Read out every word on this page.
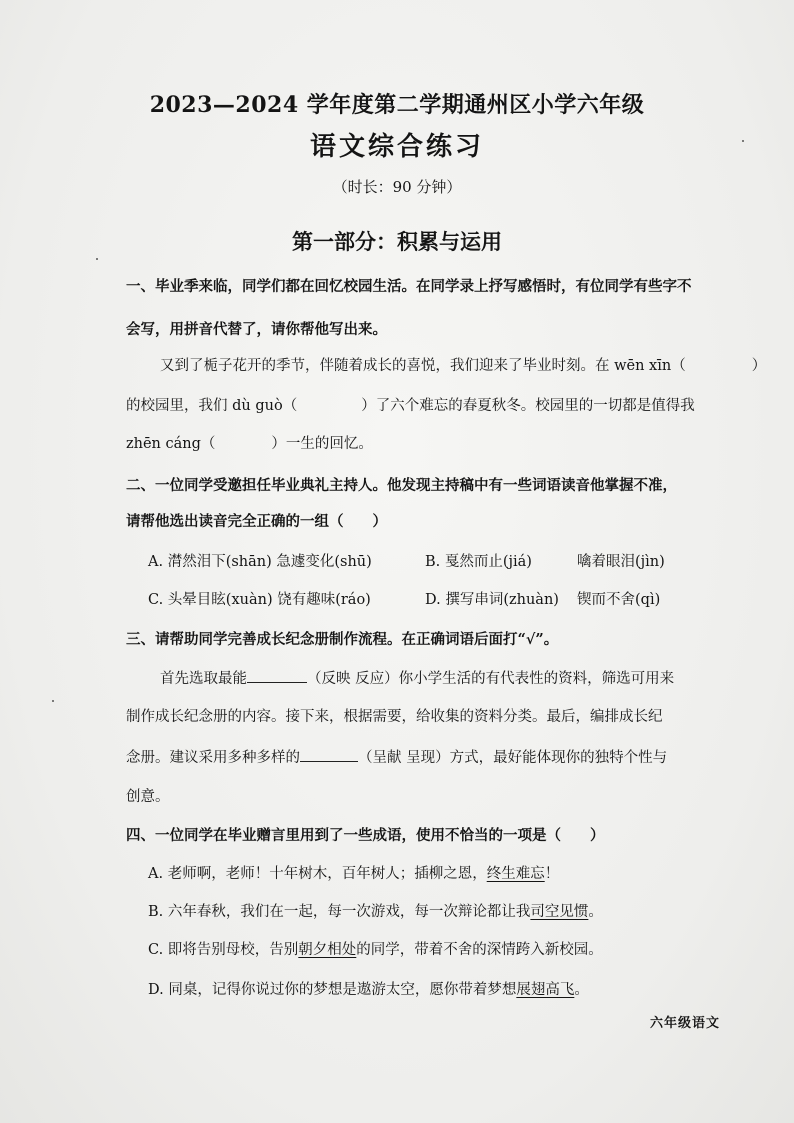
2023—2024 学年度第二学期通州区小学六年级
语文综合练习
（时长：90 分钟）
第一部分：积累与运用
一、毕业季来临，同学们都在回忆校园生活。在同学录上抒写感悟时，有位同学有些字不
会写，用拼音代替了，请你帮他写出来。
又到了栀子花开的季节，伴随着成长的喜悦，我们迎来了毕业时刻。在 wēn xīn（	）
的校园里，我们 dù guò（	）了六个难忘的春夏秋冬。校园里的一切都是值得我
zhēn cáng（	）一生的回忆。
二、一位同学受邀担任毕业典礼主持人。他发现主持稿中有一些词语读音他掌握不准，
请帮他选出读音完全正确的一组（　　）
A. 潸然泪下(shān) 急遽变化(shū)	B. 戛然而止(jiá)	噙着眼泪(jìn)
C. 头晕目眩(xuàn) 饶有趣味(ráo)	D. 撰写串词(zhuàn) 锲而不舍(qì)
三、请帮助同学完善成长纪念册制作流程。在正确词语后面打“√”。
首先选取最能	（反映 反应）你小学生活的有代表性的资料，筛选可用来
制作成长纪念册的内容。接下来，根据需要，给收集的资料分类。最后，编排成长纪
念册。建议采用多种多样的	（呈献 呈现）方式，最好能体现你的独特个性与
创意。
四、一位同学在毕业赠言里用到了一些成语，使用不恰当的一项是（　　）
A. 老师啊，老师！十年树木，百年树人；插柳之恩，终生难忘！
B. 六年春秋，我们在一起，每一次游戏，每一次辩论都让我司空见惯。
C. 即将告别母校，告别朝夕相处的同学，带着不舍的深情跨入新校园。
D. 同桌，记得你说过你的梦想是遨游太空，愿你带着梦想展翅高飞。
六年级语文
